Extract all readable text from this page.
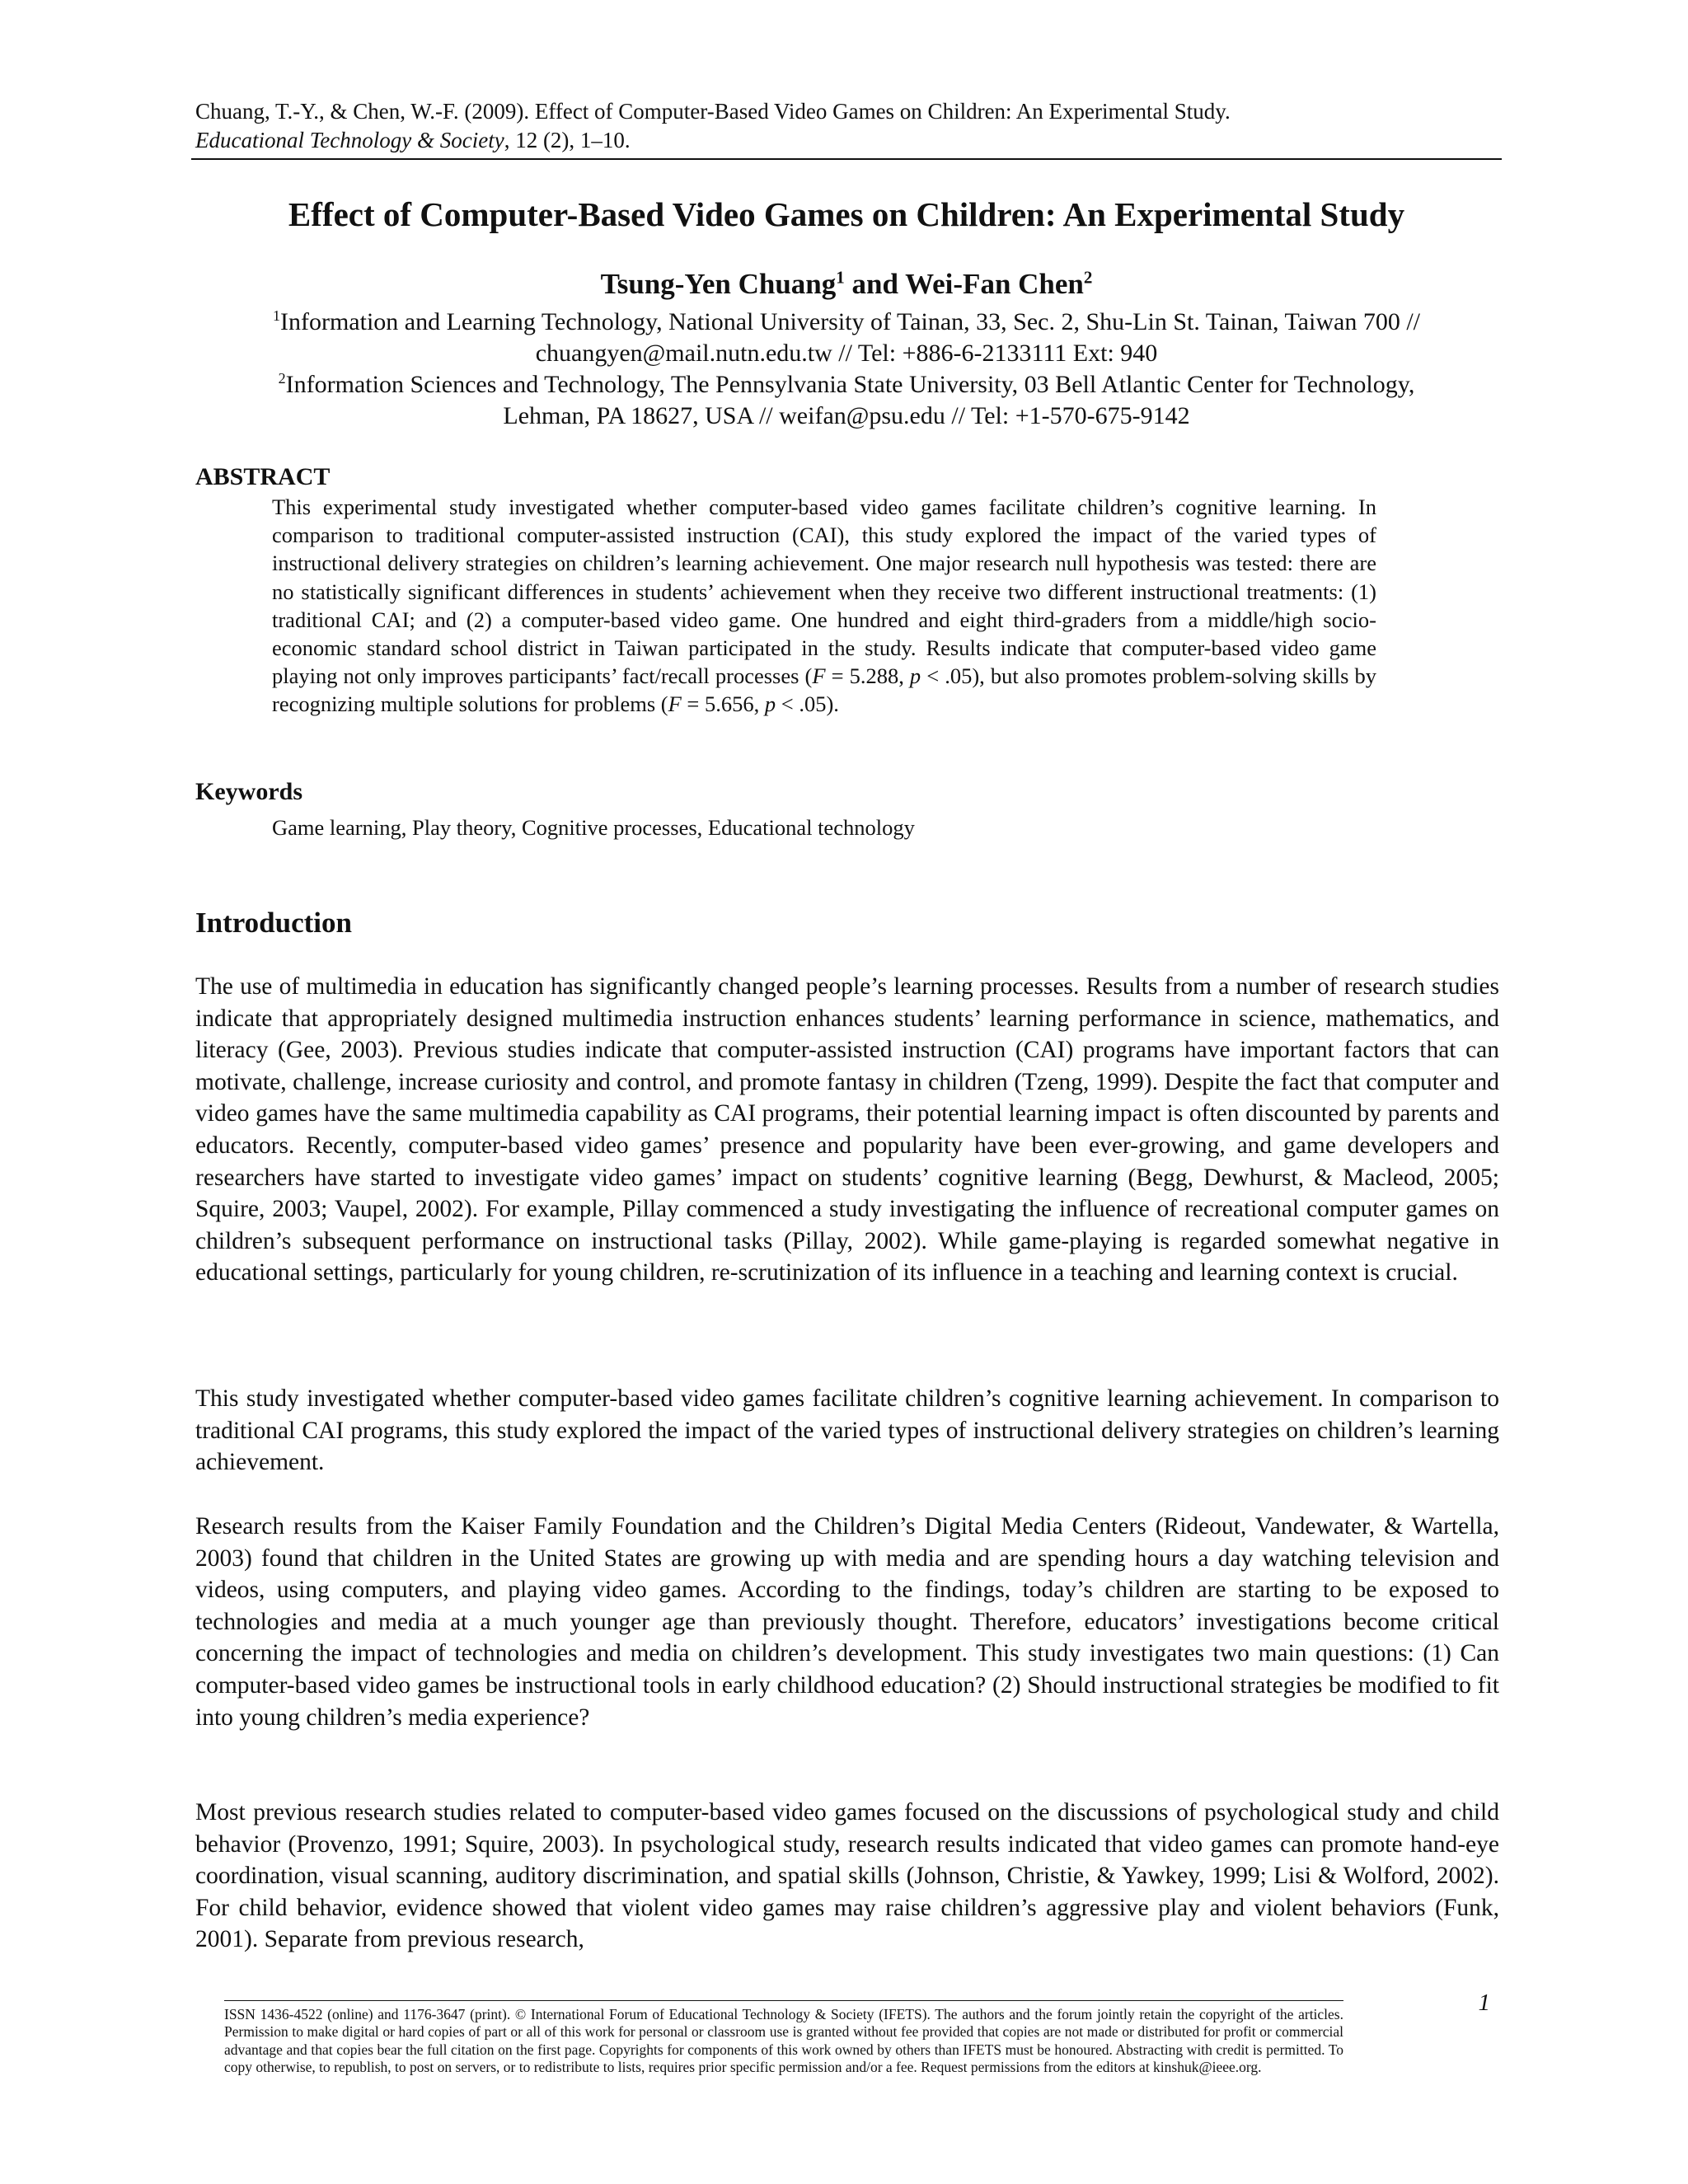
Chuang, T.-Y., & Chen, W.-F. (2009). Effect of Computer-Based Video Games on Children: An Experimental Study.
Educational Technology & Society, 12 (2), 1–10.
Effect of Computer-Based Video Games on Children: An Experimental Study
Tsung-Yen Chuang$^1$ and Wei-Fan Chen$^2$
$^1$Information and Learning Technology, National University of Tainan, 33, Sec. 2, Shu-Lin St. Tainan, Taiwan 700 //
chuangyen@mail.nutn.edu.tw // Tel: +886-6-2133111 Ext: 940
$^2$Information Sciences and Technology, The Pennsylvania State University, 03 Bell Atlantic Center for Technology,
Lehman, PA 18627, USA // weifan@psu.edu // Tel: +1-570-675-9142
ABSTRACT

This experimental study investigated whether computer-based video games facilitate children’s cognitive learning. In comparison to traditional computer-assisted instruction (CAI), this study explored the impact of the varied types of instructional delivery strategies on children’s learning achievement. One major research null hypothesis was tested: there are no statistically significant differences in students’ achievement when they receive two different instructional treatments: (1) traditional CAI; and (2) a computer-based video game. One hundred and eight third-graders from a middle/high socio-economic standard school district in Taiwan participated in the study. Results indicate that computer-based video game playing not only improves participants’ fact/recall processes (F = 5.288, p < .05), but also promotes problem-solving skills by recognizing multiple solutions for problems (F = 5.656, p < .05).

Keywords

Game learning, Play theory, Cognitive processes, Educational technology

Introduction

The use of multimedia in education has significantly changed people’s learning processes. Results from a number of research studies indicate that appropriately designed multimedia instruction enhances students’ learning performance in science, mathematics, and literacy (Gee, 2003). Previous studies indicate that computer-assisted instruction (CAI) programs have important factors that can motivate, challenge, increase curiosity and control, and promote fantasy in children (Tzeng, 1999). Despite the fact that computer and video games have the same multimedia capability as CAI programs, their potential learning impact is often discounted by parents and educators. Recently, computer-based video games’ presence and popularity have been ever-growing, and game developers and researchers have started to investigate video games’ impact on students’ cognitive learning (Begg, Dewhurst, & Macleod, 2005; Squire, 2003; Vaupel, 2002). For example, Pillay commenced a study investigating the influence of recreational computer games on children’s subsequent performance on instructional tasks (Pillay, 2002). While game-playing is regarded somewhat negative in educational settings, particularly for young children, re-scrutinization of its influence in a teaching and learning context is crucial.

This study investigated whether computer-based video games facilitate children’s cognitive learning achievement. In comparison to traditional CAI programs, this study explored the impact of the varied types of instructional delivery strategies on children’s learning achievement.

Research results from the Kaiser Family Foundation and the Children’s Digital Media Centers (Rideout, Vandewater, & Wartella, 2003) found that children in the United States are growing up with media and are spending hours a day watching television and videos, using computers, and playing video games. According to the findings, today’s children are starting to be exposed to technologies and media at a much younger age than previously thought. Therefore, educators’ investigations become critical concerning the impact of technologies and media on children’s development. This study investigates two main questions: (1) Can computer-based video games be instructional tools in early childhood education? (2) Should instructional strategies be modified to fit into young children’s media experience?

Most previous research studies related to computer-based video games focused on the discussions of psychological study and child behavior (Provenzo, 1991; Squire, 2003). In psychological study, research results indicated that video games can promote hand-eye coordination, visual scanning, auditory discrimination, and spatial skills (Johnson, Christie, & Yawkey, 1999; Lisi & Wolford, 2002). For child behavior, evidence showed that violent video games may raise children’s aggressive play and violent behaviors (Funk, 2001). Separate from previous research,

ISSN 1436-4522 (online) and 1176-3647 (print). © International Forum of Educational Technology & Society (IFETS). The authors and the forum jointly retain the copyright of the articles. Permission to make digital or hard copies of part or all of this work for personal or classroom use is granted without fee provided that copies are not made or distributed for profit or commercial advantage and that copies bear the full citation on the first page. Copyrights for components of this work owned by others than IFETS must be honoured. Abstracting with credit is permitted. To copy otherwise, to republish, to post on servers, or to redistribute to lists, requires prior specific permission and/or a fee. Request permissions from the editors at kinshuk@ieee.org.

1
